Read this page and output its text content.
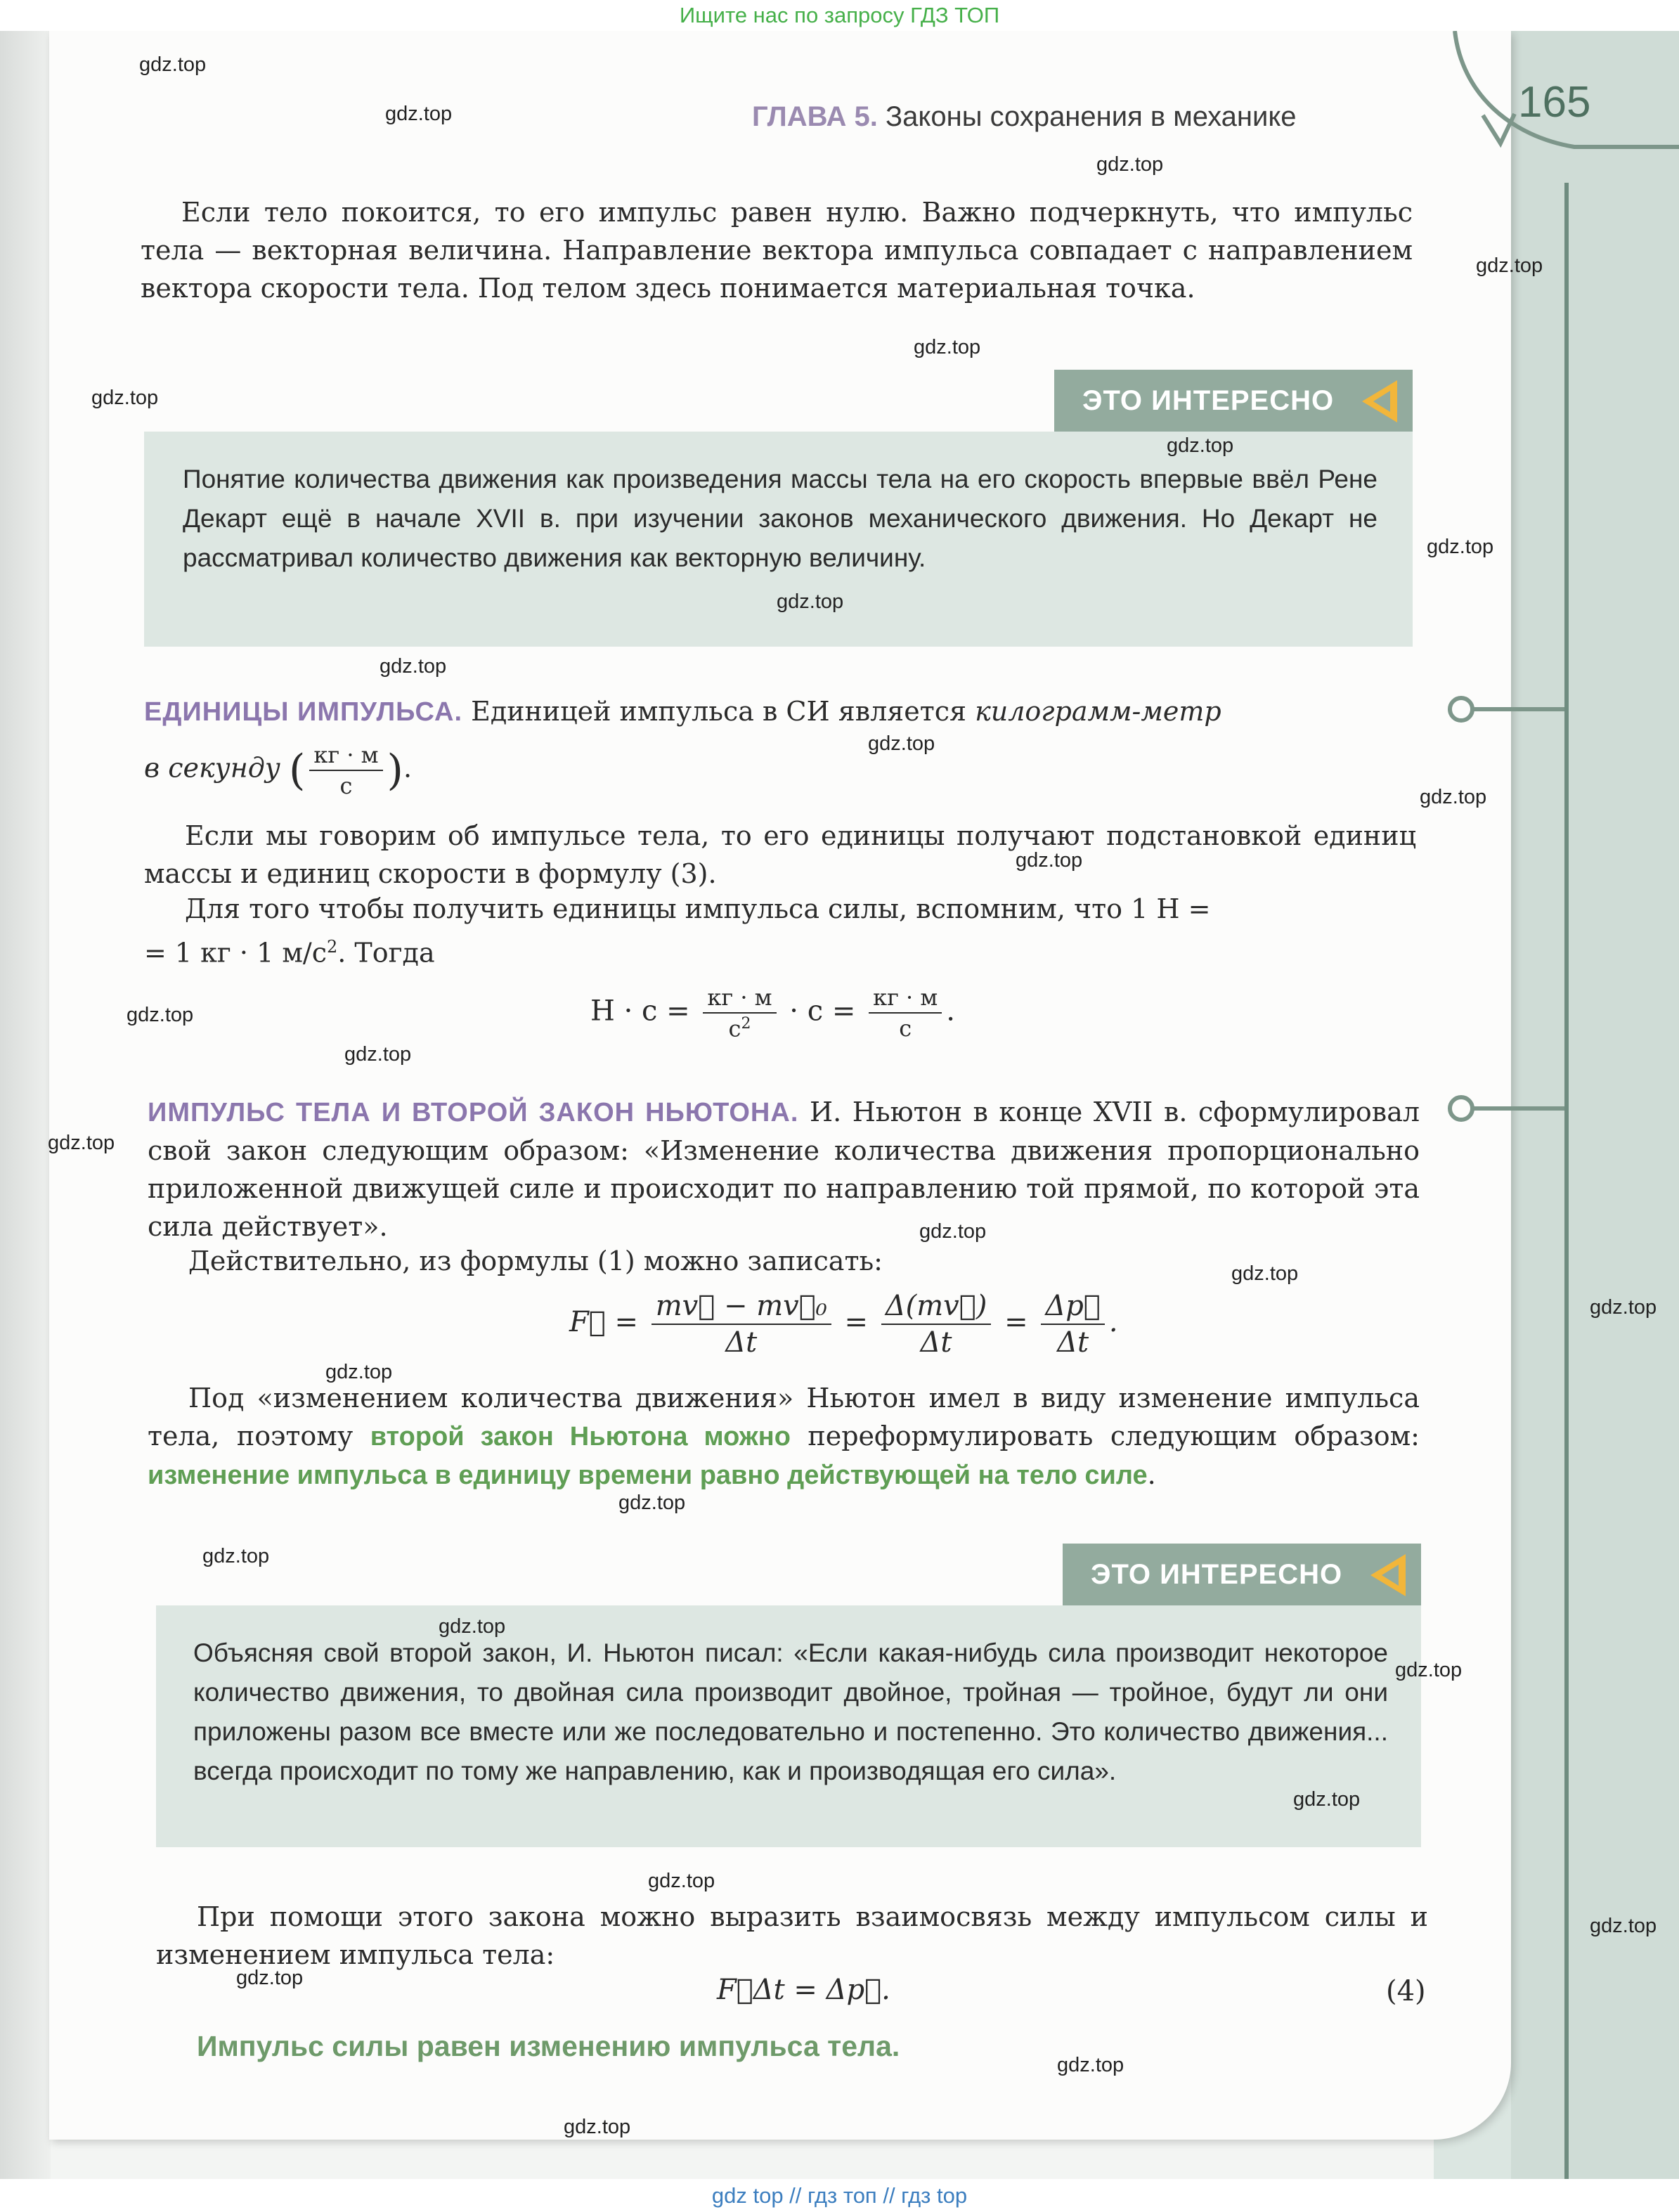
Ищите нас по запросу ГДЗ ТОП
165
ГЛАВА 5. Законы сохранения в механике
Если тело покоится, то его импульс равен нулю. Важно подчеркнуть, что импульс тела — векторная величина. Направление вектора импульса совпадает с направлением вектора скорости тела. Под телом здесь понимается материальная точка.
ЭТО ИНТЕРЕСНО
Понятие количества движения как произведения массы тела на его скорость впервые ввёл Рене Декарт ещё в начале XVII в. при изучении законов механического движения. Но Декарт не рассматривал количество движения как векторную величину.
ЕДИНИЦЫ ИМПУЛЬСА. Единицей импульса в СИ является килограмм-метр
в секунду ( $\frac{кг \cdot м}{с}$ ).
Если мы говорим об импульсе тела, то его единицы получают подстановкой единиц массы и единиц скорости в формулу (3).
Для того чтобы получить единицы импульса силы, вспомним, что 1 Н =
= 1 кг · 1 $м/с^2$. Тогда
$Н \cdot с = \frac{кг \cdot м}{с^2} \cdot с = \frac{кг \cdot м}{с}$ .
ИМПУЛЬС ТЕЛА И ВТОРОЙ ЗАКОН НЬЮТОНА. И. Ньютон в конце XVII в. сформулировал свой закон следующим образом: «Изменение количества движения пропорционально приложенной движущей силе и происходит по направлению той прямой, по которой эта сила действует».
Действительно, из формулы (1) можно записать:
F⃗ = $\frac{\text{mv⃗ − mv⃗₀}}{\Delta t} = \frac{\Delta(mv⃗)}{\Delta t} = \frac{\Delta p⃗}{\Delta t}$ .
Под «изменением количества движения» Ньютон имел в виду изменение импульса тела, поэтому второй закон Ньютона можно переформулировать следующим образом: изменение импульса в единицу времени равно действующей на тело силе.
ЭТО ИНТЕРЕСНО
Объясняя свой второй закон, И. Ньютон писал: «Если какая-нибудь сила производит некоторое количество движения, то двойная сила производит двойное, тройная — тройное, будут ли они приложены разом все вместе или же последовательно и постепенно. Это количество движения... всегда происходит по тому же направлению, как и производящая его сила».
При помощи этого закона можно выразить взаимосвязь между импульсом силы и изменением импульса тела:
F⃗Δt = Δp⃗.	(4)
Импульс силы равен изменению импульса тела.
gdz.top
gdz.top
gdz.top
gdz.top
gdz.top
gdz.top
gdz.top
gdz.top
gdz.top
gdz.top
gdz.top
gdz.top
gdz.top
gdz.top
gdz.top
gdz.top
gdz.top
gdz.top
gdz.top
gdz.top
gdz.top
gdz.top
gdz.top
gdz.top
gdz.top
gdz.top
gdz.top
gdz.top
gdz.top
gdz.top
gdz top // гдз топ // гдз top
